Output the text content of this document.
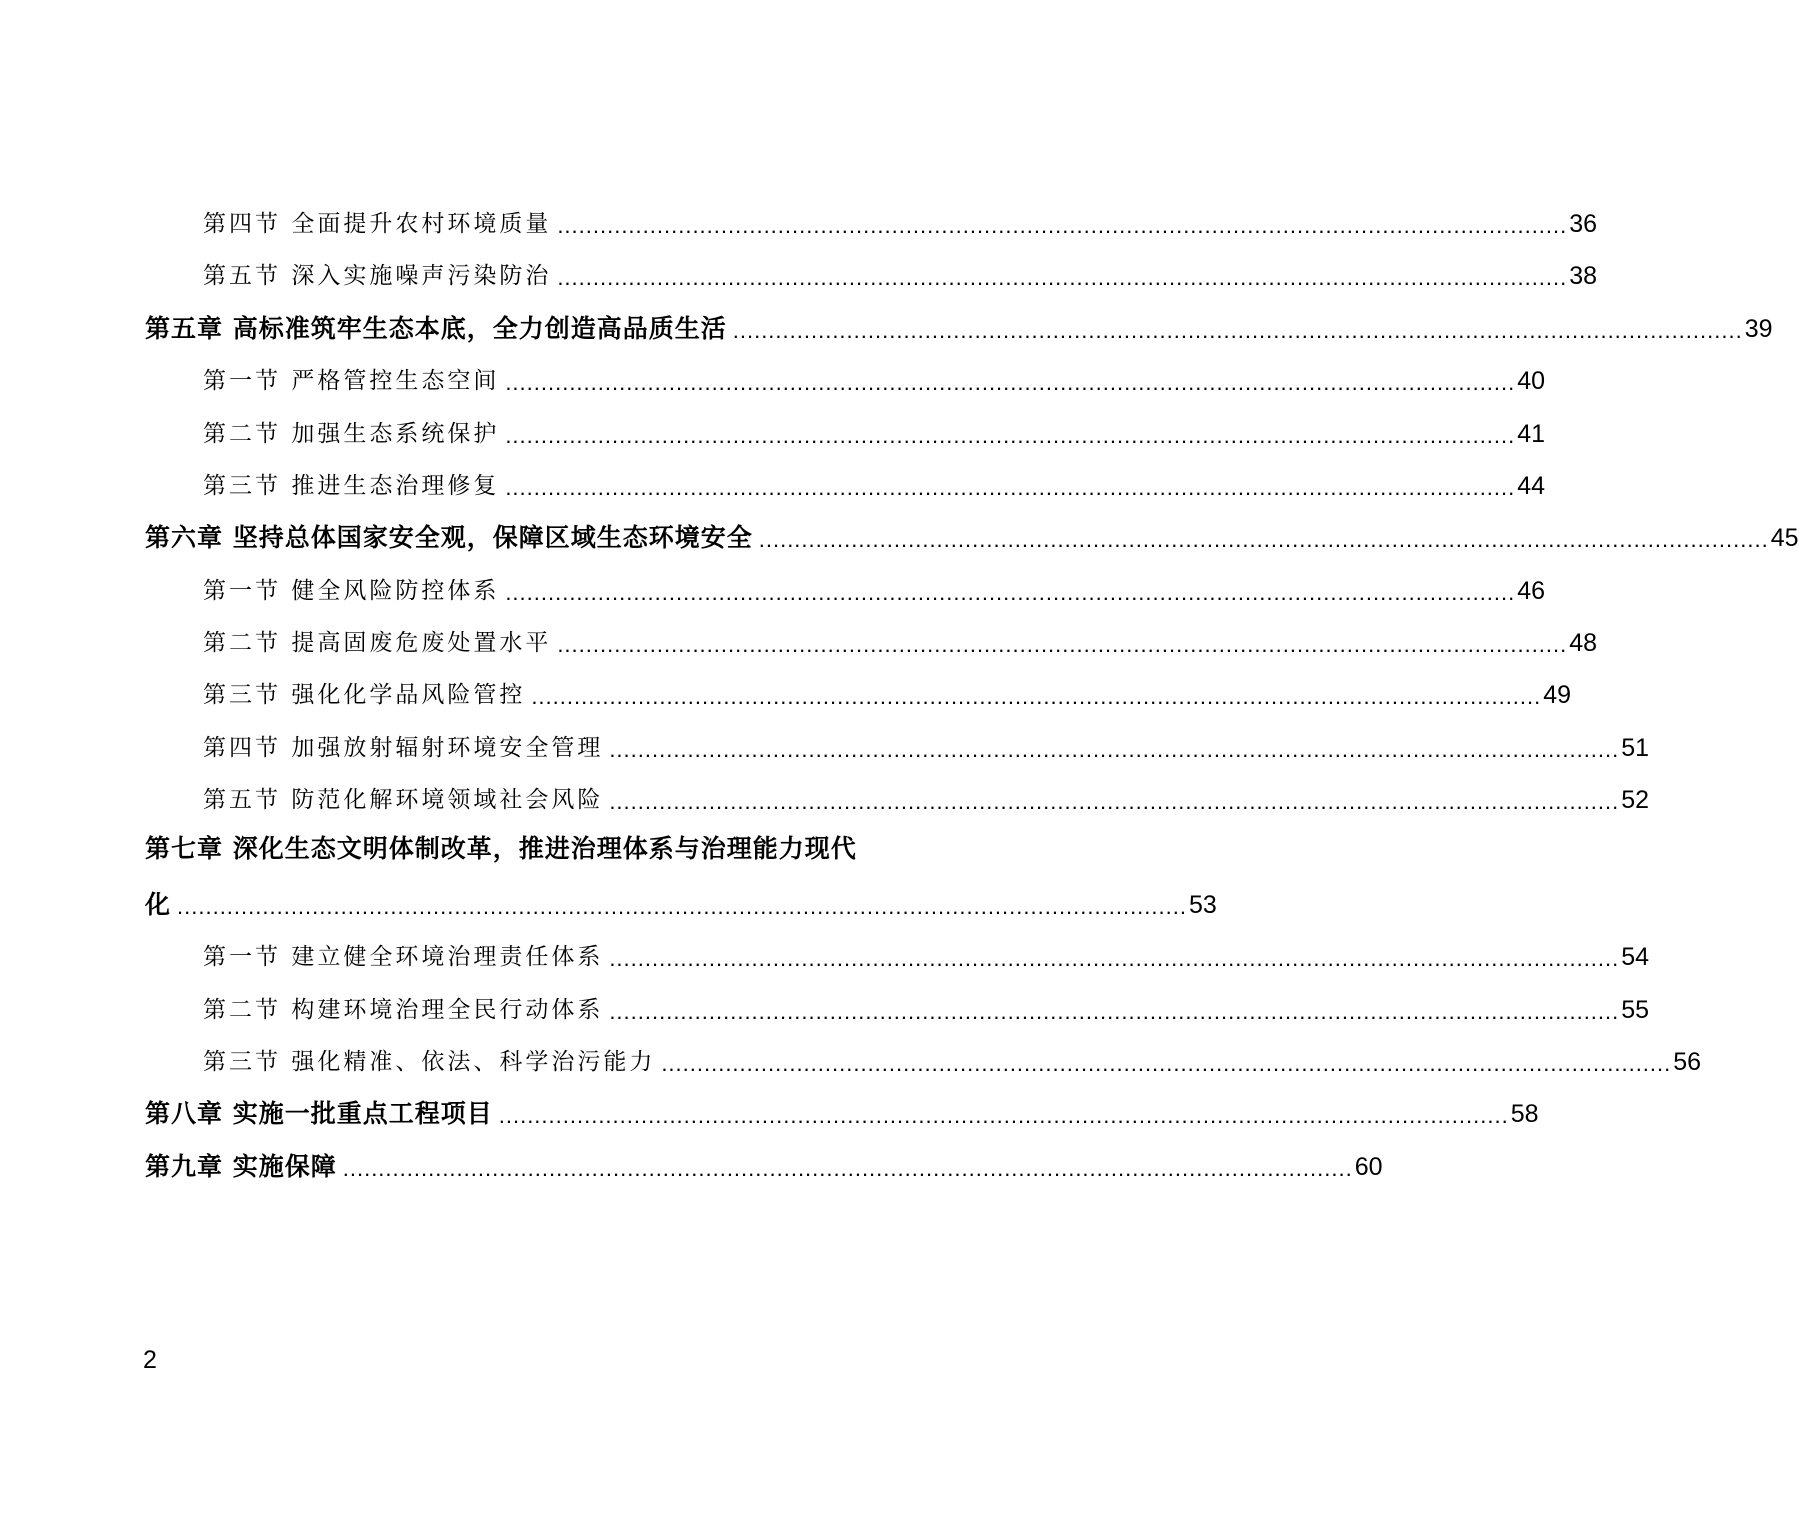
第四节 全面提升农村环境质量 .............................................................................................................................................. 36
第五节 深入实施噪声污染防治 .............................................................................................................................................. 38
第五章 高标准筑牢生态本底，全力创造高品质生活 .............................................................................................................................................. 39
第一节 严格管控生态空间 .............................................................................................................................................. 40
第二节 加强生态系统保护 .............................................................................................................................................. 41
第三节 推进生态治理修复 .............................................................................................................................................. 44
第六章 坚持总体国家安全观，保障区域生态环境安全 .............................................................................................................................................. 45
第一节 健全风险防控体系 .............................................................................................................................................. 46
第二节 提高固废危废处置水平 .............................................................................................................................................. 48
第三节 强化化学品风险管控 .............................................................................................................................................. 49
第四节 加强放射辐射环境安全管理 .............................................................................................................................................. 51
第五节 防范化解环境领域社会风险 .............................................................................................................................................. 52
第七章 深化生态文明体制改革，推进治理体系与治理能力现代
化 .............................................................................................................................................. 53
第一节 建立健全环境治理责任体系 .............................................................................................................................................. 54
第二节 构建环境治理全民行动体系 .............................................................................................................................................. 55
第三节 强化精准、依法、科学治污能力 .............................................................................................................................................. 56
第八章 实施一批重点工程项目 .............................................................................................................................................. 58
第九章 实施保障 .............................................................................................................................................. 60
2
